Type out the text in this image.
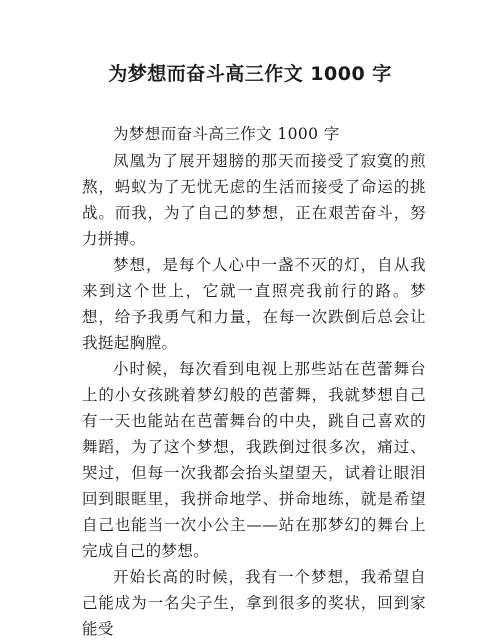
为梦想而奋斗高三作文 1000 字

为梦想而奋斗高三作文 1000 字

凤凰为了展开翅膀的那天而接受了寂寞的煎熬，蚂蚁为了无忧无虑的生活而接受了命运的挑战。而我，为了自己的梦想，正在艰苦奋斗，努力拼搏。

梦想，是每个人心中一盏不灭的灯，自从我来到这个世上，它就一直照亮我前行的路。梦想，给予我勇气和力量，在每一次跌倒后总会让我挺起胸膛。

小时候，每次看到电视上那些站在芭蕾舞台上的小女孩跳着梦幻般的芭蕾舞，我就梦想自己有一天也能站在芭蕾舞台的中央，跳自己喜欢的舞蹈，为了这个梦想，我跌倒过很多次，痛过、哭过，但每一次我都会抬头望望天，试着让眼泪回到眼眶里，我拼命地学、拼命地练，就是希望自己也能当一次小公主——站在那梦幻的舞台上完成自己的梦想。

开始长高的时候，我有一个梦想，我希望自己能成为一名尖子生，拿到很多的奖状，回到家能受
